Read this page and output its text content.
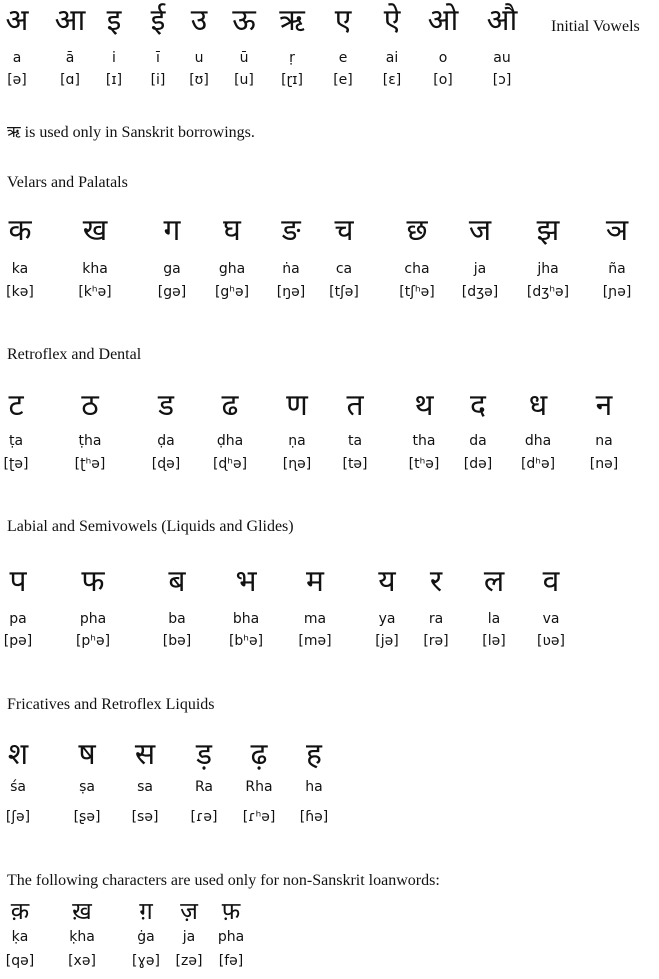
Initial Vowels
अ
a
[ə]
आ
ā
[ɑ]
इ
i
[ɪ]
ई
ī
[i]
उ
u
[ʊ]
ऊ
ū
[u]
ऋ
ṛ
[ɽɪ]
ए
e
[e]
ऐ
ai
[ɛ]
ओ
o
[o]
औ
au
[ɔ]
ऋ is used only in Sanskrit borrowings.
Velars and Palatals
क
ka
[kə]
ख
kha
[kʰə]
ग
ga
[gə]
घ
gha
[gʰə]
ङ
ṅa
[ŋə]
च
ca
[tʃə]
छ
cha
[tʃʰə]
ज
ja
[dʒə]
झ
jha
[dʒʰə]
ञ
ña
[ɲə]
Retroflex and Dental
ट
ṭa
[ʈə]
ठ
ṭha
[ʈʰə]
ड
ḍa
[ɖə]
ढ
ḍha
[ɖʰə]
ण
ṇa
[ɳə]
त
ta
[tə]
थ
tha
[tʰə]
द
da
[də]
ध
dha
[dʰə]
न
na
[nə]
Labial and Semivowels (Liquids and Glides)
प
pa
[pə]
फ
pha
[pʰə]
ब
ba
[bə]
भ
bha
[bʰə]
म
ma
[mə]
य
ya
[jə]
र
ra
[rə]
ल
la
[lə]
व
va
[ʋə]
Fricatives and Retroflex Liquids
श
śa
[ʃə]
ष
ṣa
[ʂə]
स
sa
[sə]
ड़
Ra
[ɾə]
ढ़
Rha
[ɾʰə]
ह
ha
[ɦə]
The following characters are used only for non-Sanskrit loanwords:
क़
ḳa
[qə]
ख़
ḳha
[xə]
ग़
ġa
[ɣə]
ज़
ja
[zə]
फ़
pha
[fə]
